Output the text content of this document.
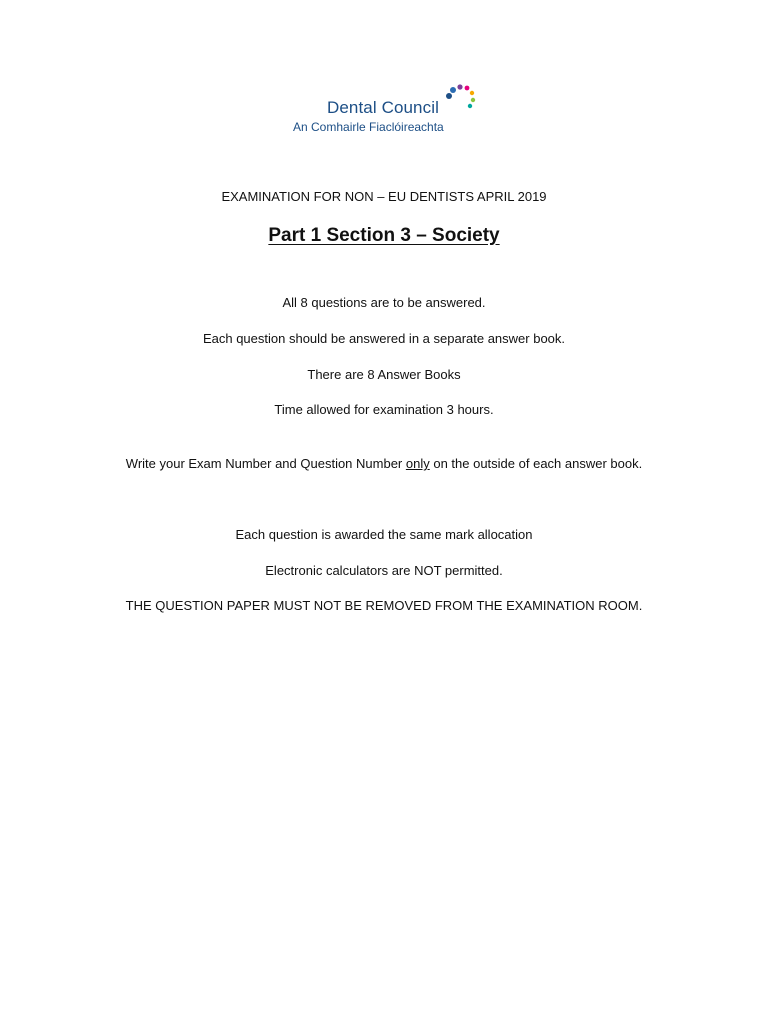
Dental Council
An Comhairle Fiaclóireachta
EXAMINATION FOR NON – EU DENTISTS APRIL 2019
Part 1 Section 3 – Society
All 8 questions are to be answered.
Each question should be answered in a separate answer book.
There are 8 Answer Books
Time allowed for examination 3 hours.
Write your Exam Number and Question Number only on the outside of each answer book.
Each question is awarded the same mark allocation
Electronic calculators are NOT permitted.
THE QUESTION PAPER MUST NOT BE REMOVED FROM THE EXAMINATION ROOM.
